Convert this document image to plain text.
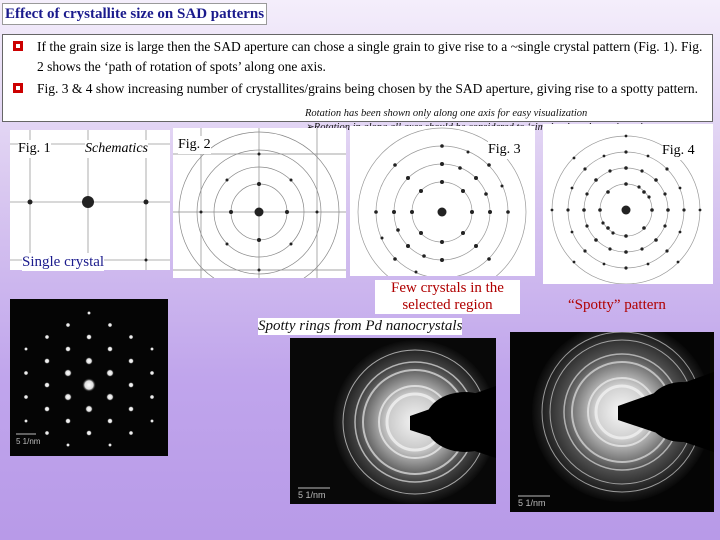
Effect of crystallite size on SAD patterns
If the grain size is large then the SAD aperture can chose a single grain to give rise to a ~single crystal pattern (Fig. 1). Fig. 2 shows the ‘path of rotation of spots’ along one axis.
Fig. 3 & 4 show increasing number of crystallites/grains being chosen by the SAD aperture, giving rise to a spotty pattern.
Rotation has been shown only along one axis for easy visualization
Fig. 1 Schematics
Single crystal
Fig. 2	Fig. 3	Fig. 4
Few crystals in the selected region	“Spotty” pattern
Spotty rings from Pd nanocrystals
5 1/nm
5 1/nm
5 1/nm
